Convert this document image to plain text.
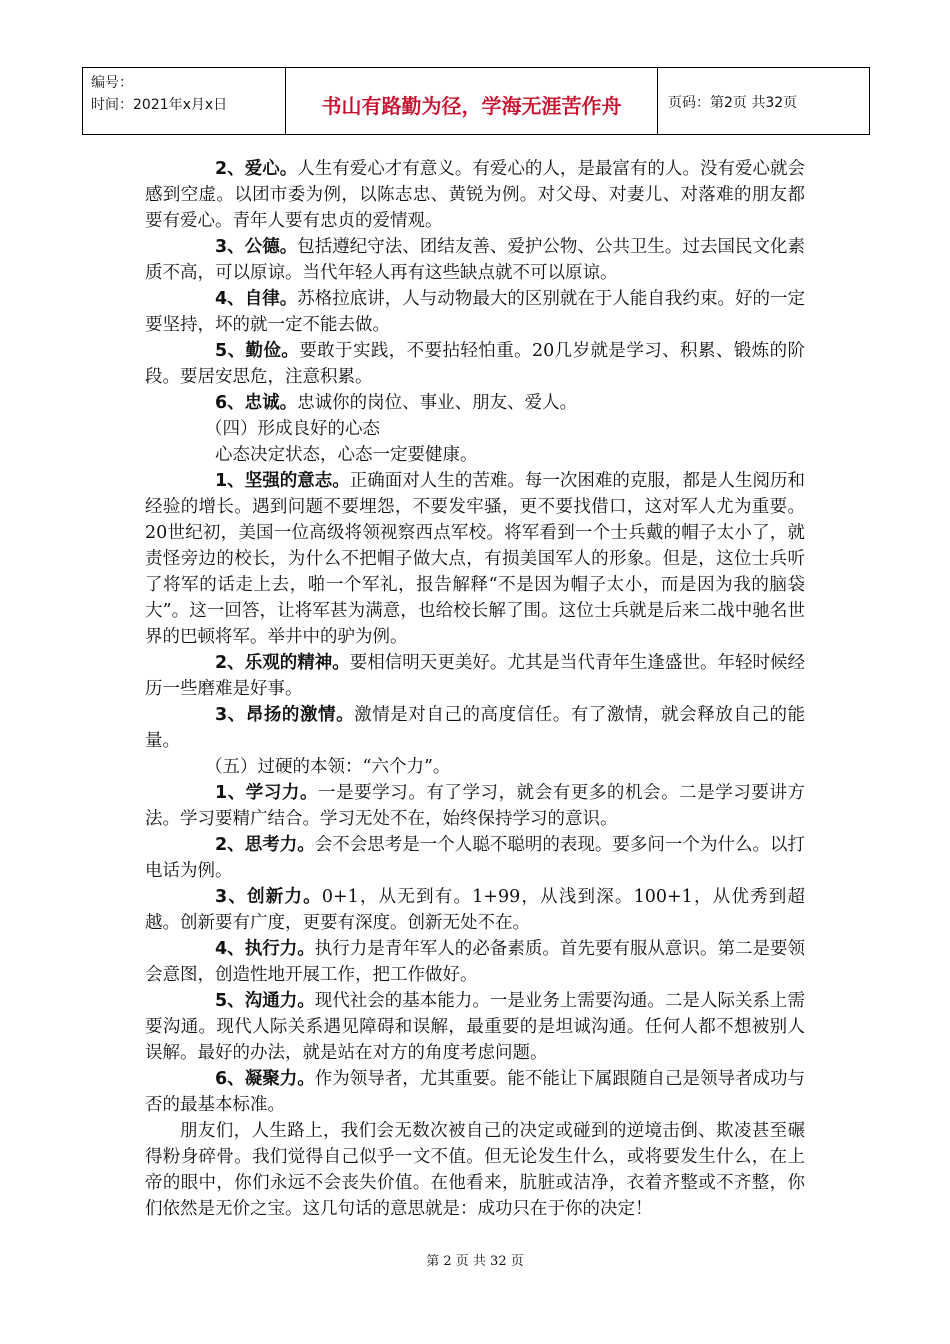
编号：
时间：2021年x月x日	书山有路勤为径，学海无涯苦作舟	页码：第2页 共32页

2、爱心。人生有爱心才有意义。有爱心的人，是最富有的人。没有爱心就会感到空虚。以团市委为例，以陈志忠、黄锐为例。对父母、对妻儿、对落难的朋友都要有爱心。青年人要有忠贞的爱情观。

3、公德。包括遵纪守法、团结友善、爱护公物、公共卫生。过去国民文化素质不高，可以原谅。当代年轻人再有这些缺点就不可以原谅。

4、自律。苏格拉底讲，人与动物最大的区别就在于人能自我约束。好的一定要坚持，坏的就一定不能去做。

5、勤俭。要敢于实践，不要拈轻怕重。20几岁就是学习、积累、锻炼的阶段。要居安思危，注意积累。

6、忠诚。忠诚你的岗位、事业、朋友、爱人。

（四）形成良好的心态

心态决定状态，心态一定要健康。

1、坚强的意志。正确面对人生的苦难。每一次困难的克服，都是人生阅历和经验的增长。遇到问题不要埋怨，不要发牢骚，更不要找借口，这对军人尤为重要。20世纪初，美国一位高级将领视察西点军校。将军看到一个士兵戴的帽子太小了，就责怪旁边的校长，为什么不把帽子做大点，有损美国军人的形象。但是，这位士兵听了将军的话走上去，啪一个军礼，报告解释“不是因为帽子太小，而是因为我的脑袋大”。这一回答，让将军甚为满意，也给校长解了围。这位士兵就是后来二战中驰名世界的巴顿将军。举井中的驴为例。

2、乐观的精神。要相信明天更美好。尤其是当代青年生逢盛世。年轻时候经历一些磨难是好事。

3、昂扬的激情。激情是对自己的高度信任。有了激情，就会释放自己的能量。

（五）过硬的本领：“六个力”。

1、学习力。一是要学习。有了学习，就会有更多的机会。二是学习要讲方法。学习要精广结合。学习无处不在，始终保持学习的意识。

2、思考力。会不会思考是一个人聪不聪明的表现。要多问一个为什么。以打电话为例。

3、创新力。0+1，从无到有。1+99，从浅到深。100+1，从优秀到超越。创新要有广度，更要有深度。创新无处不在。

4、执行力。执行力是青年军人的必备素质。首先要有服从意识。第二是要领会意图，创造性地开展工作，把工作做好。

5、沟通力。现代社会的基本能力。一是业务上需要沟通。二是人际关系上需要沟通。现代人际关系遇见障碍和误解，最重要的是坦诚沟通。任何人都不想被别人误解。最好的办法，就是站在对方的角度考虑问题。

6、凝聚力。作为领导者，尤其重要。能不能让下属跟随自己是领导者成功与否的最基本标准。

朋友们，人生路上，我们会无数次被自己的决定或碰到的逆境击倒、欺凌甚至碾得粉身碎骨。我们觉得自己似乎一文不值。但无论发生什么，或将要发生什么，在上帝的眼中，你们永远不会丧失价值。在他看来，肮脏或洁净，衣着齐整或不齐整，你们依然是无价之宝。这几句话的意思就是：成功只在于你的决定！

第 2 页 共 32 页
